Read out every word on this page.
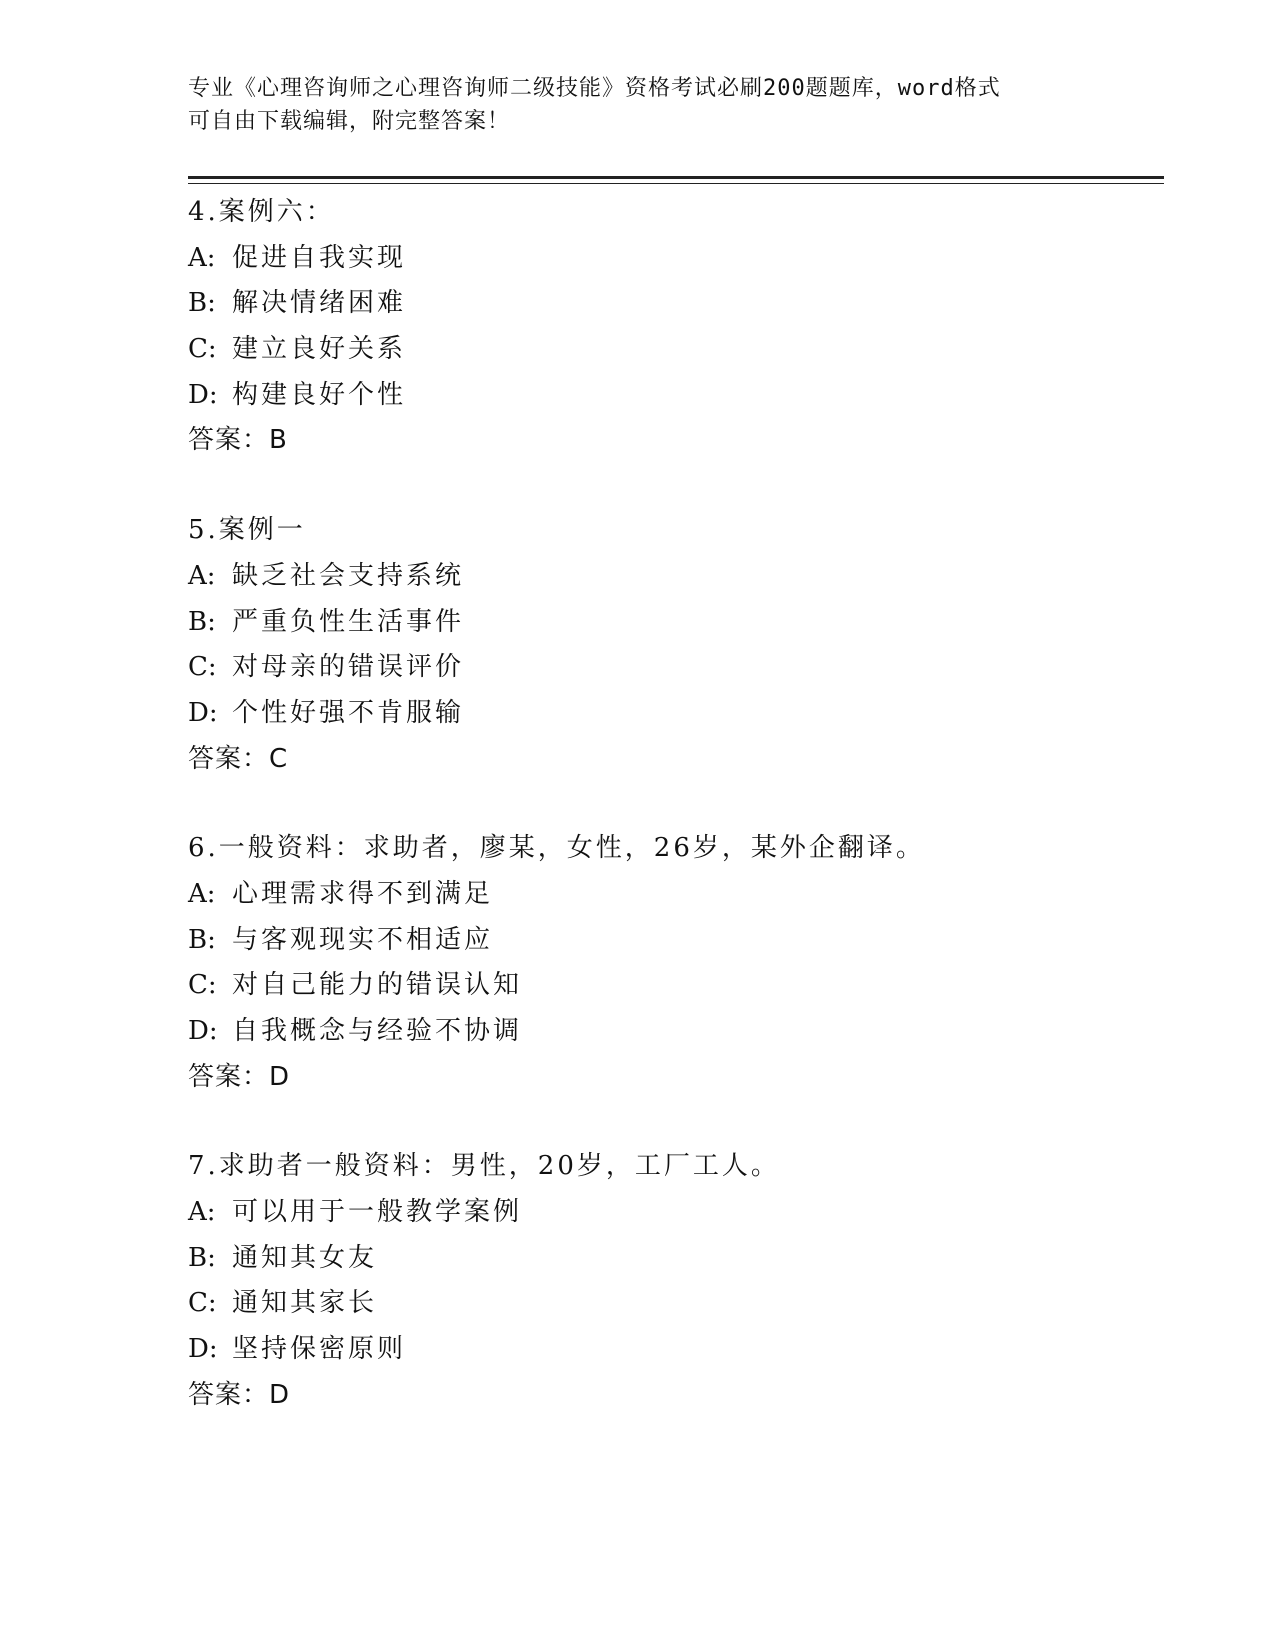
专业《心理咨询师之心理咨询师二级技能》资格考试必刷200题题库，word格式
可自由下载编辑，附完整答案！
4.案例六：
A: 促进自我实现
B: 解决情绪困难
C: 建立良好关系
D: 构建良好个性
答案：B
5.案例一
A: 缺乏社会支持系统
B: 严重负性生活事件
C: 对母亲的错误评价
D: 个性好强不肯服输
答案：C
6.一般资料：求助者，廖某，女性，26岁，某外企翻译。
A: 心理需求得不到满足
B: 与客观现实不相适应
C: 对自己能力的错误认知
D: 自我概念与经验不协调
答案：D
7.求助者一般资料：男性，20岁，工厂工人。
A: 可以用于一般教学案例
B: 通知其女友
C: 通知其家长
D: 坚持保密原则
答案：D
